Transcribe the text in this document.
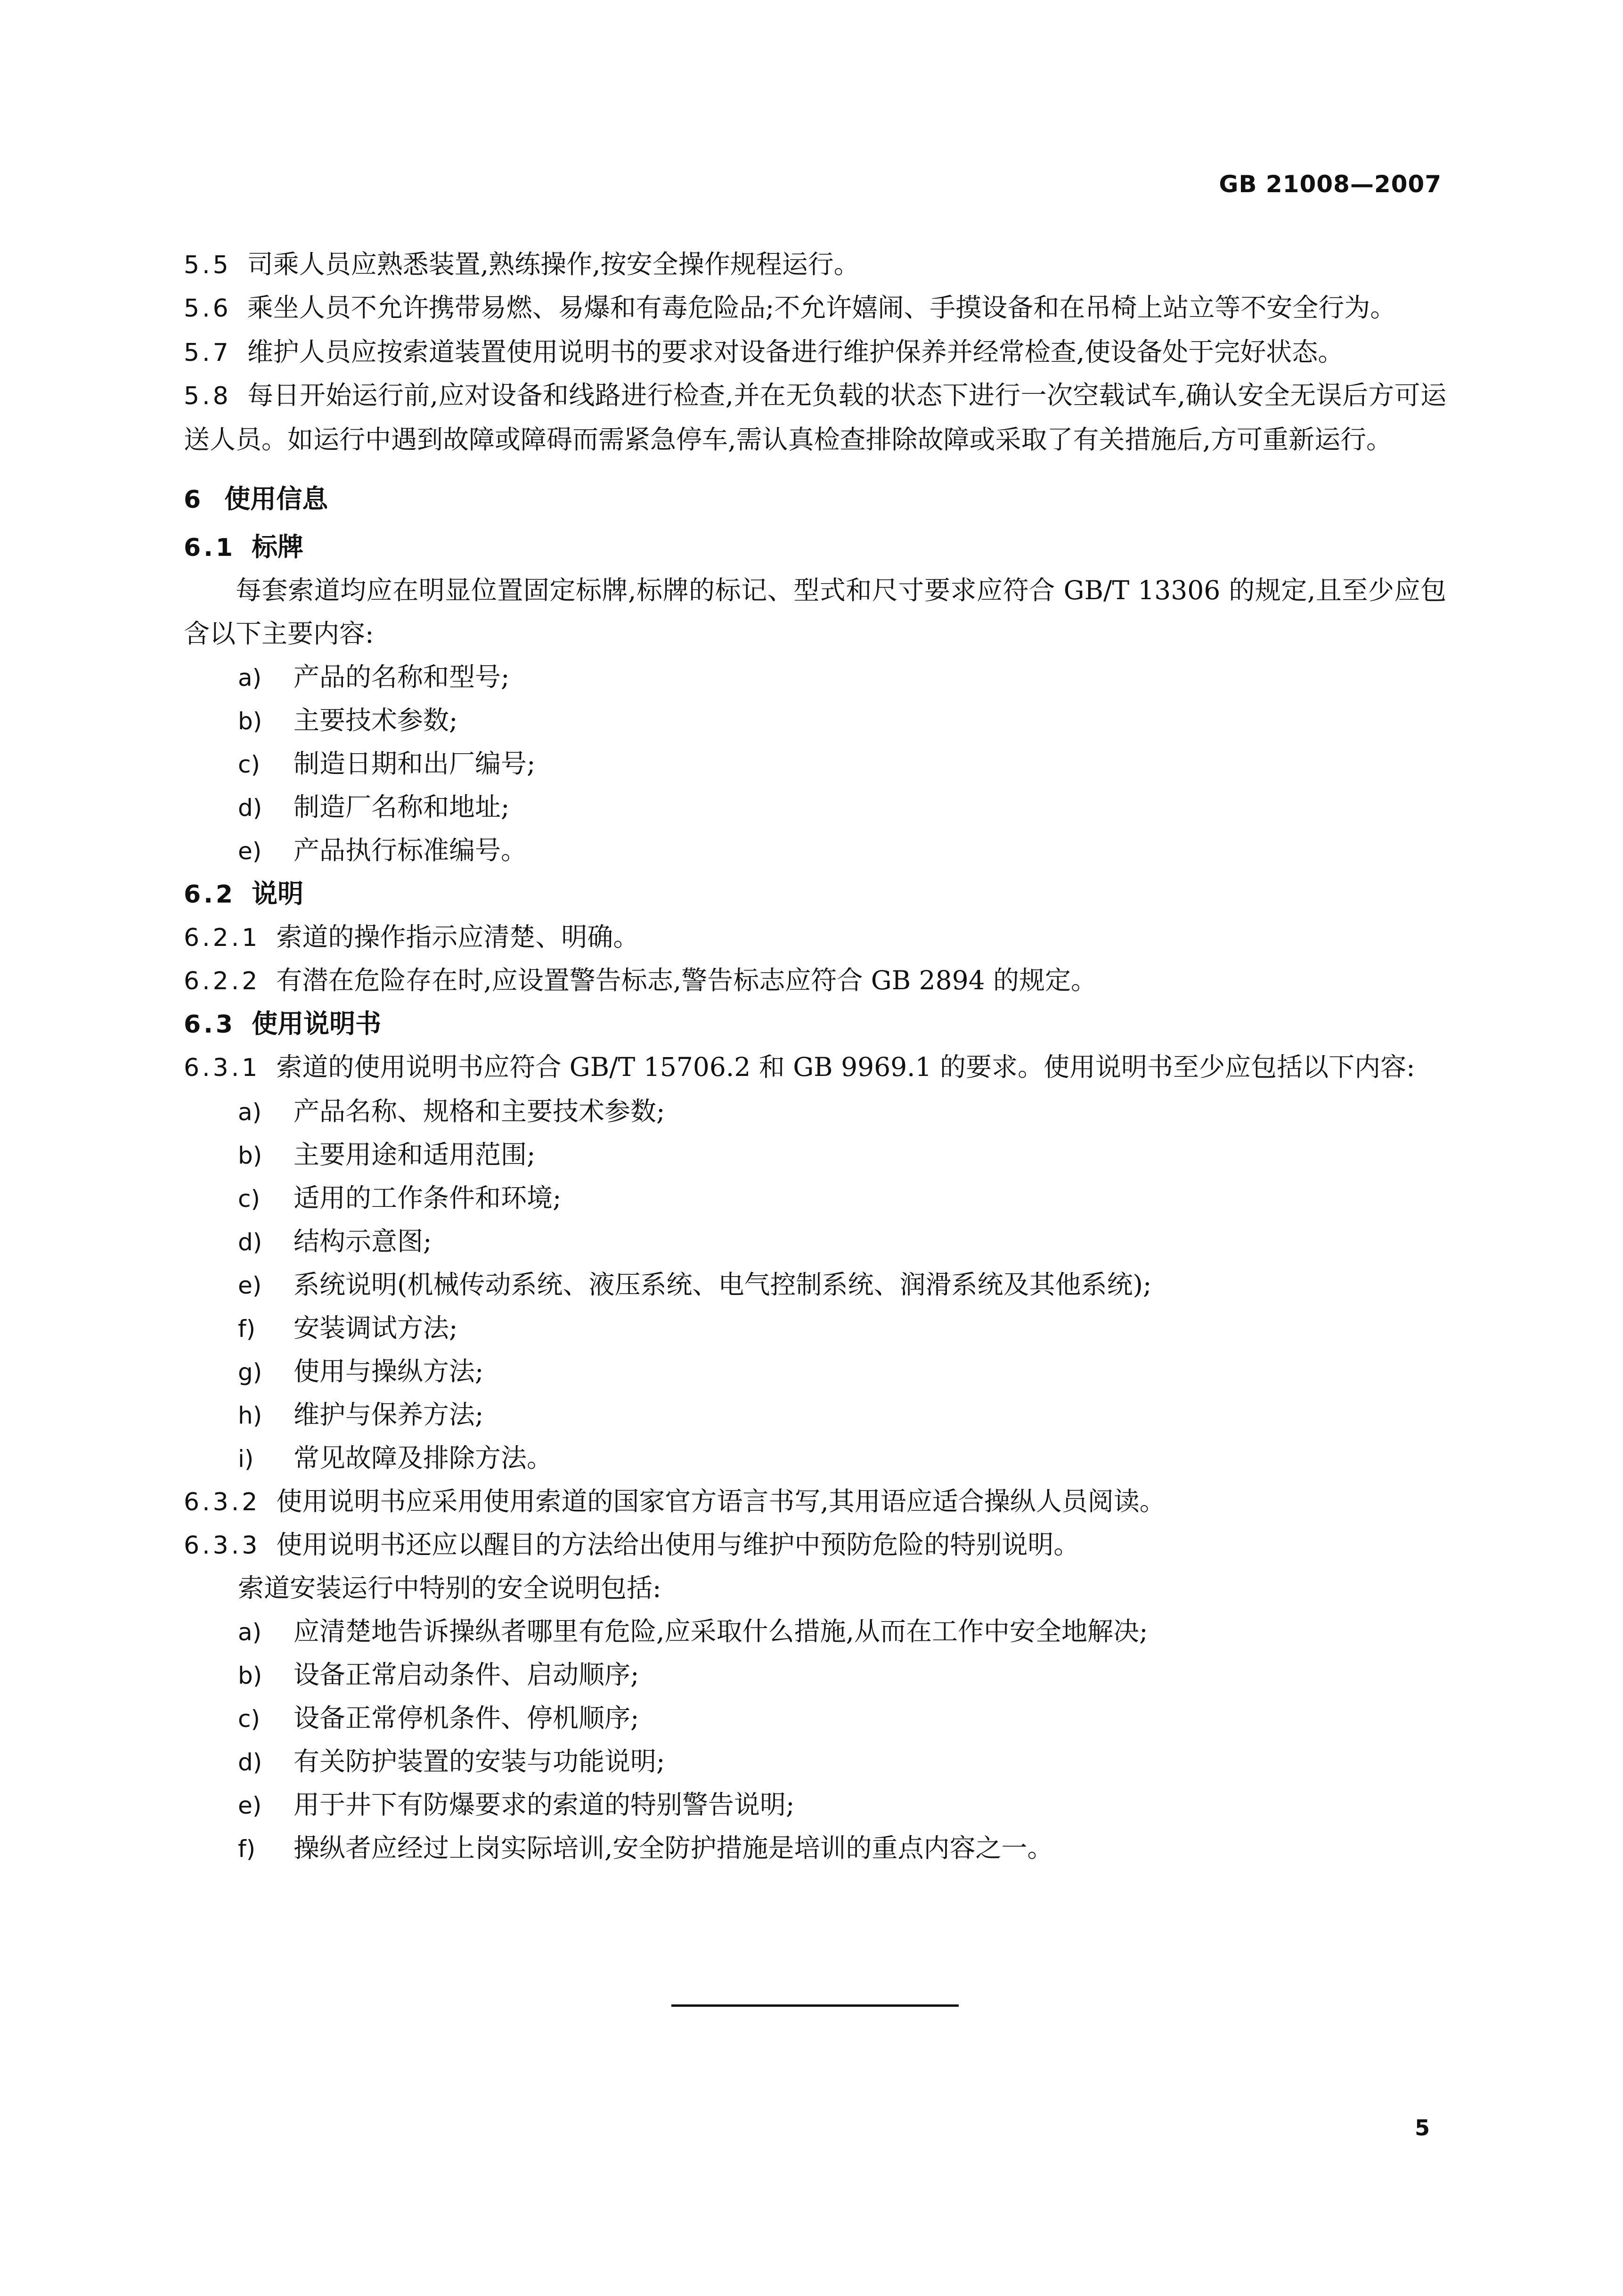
GB 21008—2007
5.5 司乘人员应熟悉装置,熟练操作,按安全操作规程运行。
5.6 乘坐人员不允许携带易燃、易爆和有毒危险品;不允许嬉闹、手摸设备和在吊椅上站立等不安全行为。
5.7 维护人员应按索道装置使用说明书的要求对设备进行维护保养并经常检查,使设备处于完好状态。
5.8 每日开始运行前,应对设备和线路进行检查,并在无负载的状态下进行一次空载试车,确认安全无误后方可运送人员。如运行中遇到故障或障碍而需紧急停车,需认真检查排除故障或采取了有关措施后,方可重新运行。
6 使用信息
6.1 标牌
每套索道均应在明显位置固定标牌,标牌的标记、型式和尺寸要求应符合 GB/T 13306 的规定,且至少应包含以下主要内容:
a) 产品的名称和型号;
b) 主要技术参数;
c) 制造日期和出厂编号;
d) 制造厂名称和地址;
e) 产品执行标准编号。
6.2 说明
6.2.1 索道的操作指示应清楚、明确。
6.2.2 有潜在危险存在时,应设置警告标志,警告标志应符合 GB 2894 的规定。
6.3 使用说明书
6.3.1 索道的使用说明书应符合 GB/T 15706.2 和 GB 9969.1 的要求。使用说明书至少应包括以下内容:
a) 产品名称、规格和主要技术参数;
b) 主要用途和适用范围;
c) 适用的工作条件和环境;
d) 结构示意图;
e) 系统说明(机械传动系统、液压系统、电气控制系统、润滑系统及其他系统);
f) 安装调试方法;
g) 使用与操纵方法;
h) 维护与保养方法;
i) 常见故障及排除方法。
6.3.2 使用说明书应采用使用索道的国家官方语言书写,其用语应适合操纵人员阅读。
6.3.3 使用说明书还应以醒目的方法给出使用与维护中预防危险的特别说明。
索道安装运行中特别的安全说明包括:
a) 应清楚地告诉操纵者哪里有危险,应采取什么措施,从而在工作中安全地解决;
b) 设备正常启动条件、启动顺序;
c) 设备正常停机条件、停机顺序;
d) 有关防护装置的安装与功能说明;
e) 用于井下有防爆要求的索道的特别警告说明;
f) 操纵者应经过上岗实际培训,安全防护措施是培训的重点内容之一。
5
